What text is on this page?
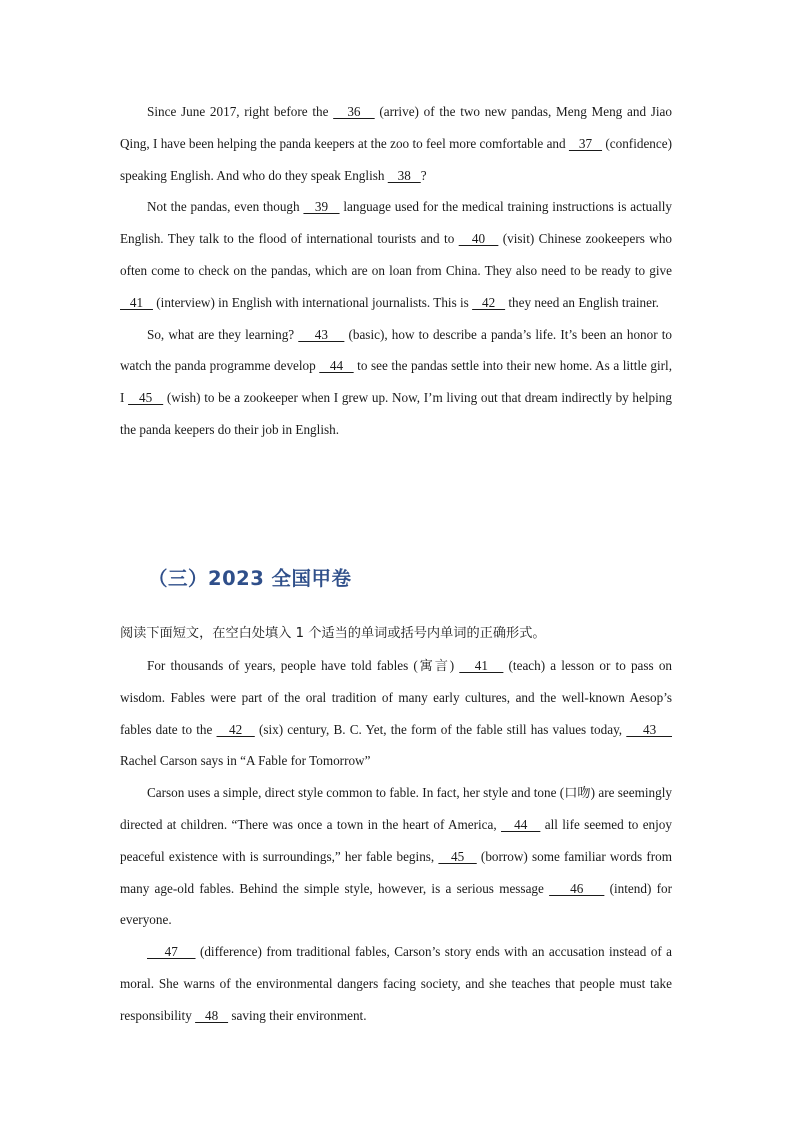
Since June 2017, right before the    36    (arrive) of the two new pandas, Meng Meng and Jiao Qing, I have been helping the panda keepers at the zoo to feel more comfortable and    37    (confidence) speaking English. And who do they speak English    38   ?

Not the pandas, even though    39    language used for the medical training instructions is actually English. They talk to the flood of international tourists and to    40    (visit) Chinese zookeepers who often come to check on the pandas, which are on loan from China. They also need to be ready to give    41    (interview) in English with international journalists. This is    42    they need an English trainer.

So, what are they learning?     43     (basic), how to describe a panda’s life. It’s been an honor to watch the panda programme develop    44    to see the pandas settle into their new home. As a little girl, I    45    (wish) to be a zookeeper when I grew up. Now, I’m living out that dream indirectly by helping the panda keepers do their job in English.

（三）2023 全国甲卷

阅读下面短文，在空白处填入 1 个适当的单词或括号内单词的正确形式。

For thousands of years, people have told fables (寓言)    41    (teach) a lesson or to pass on wisdom. Fables were part of the oral tradition of many early cultures, and the well-known Aesop’s fables date to the    42    (six) century, B. C. Yet, the form of the fable still has values today,     43     Rachel Carson says in “A Fable for Tomorrow”

Carson uses a simple, direct style common to fable. In fact, her style and tone (口吻) are seemingly directed at children. “There was once a town in the heart of America,    44    all life seemed to enjoy peaceful existence with is surroundings,” her fable begins,    45    (borrow) some familiar words from many age-old fables. Behind the simple style, however, is a serious message     46     (intend) for everyone.

47     (difference) from traditional fables, Carson’s story ends with an accusation instead of a moral. She warns of the environmental dangers facing society, and she teaches that people must take responsibility    48    saving their environment.
